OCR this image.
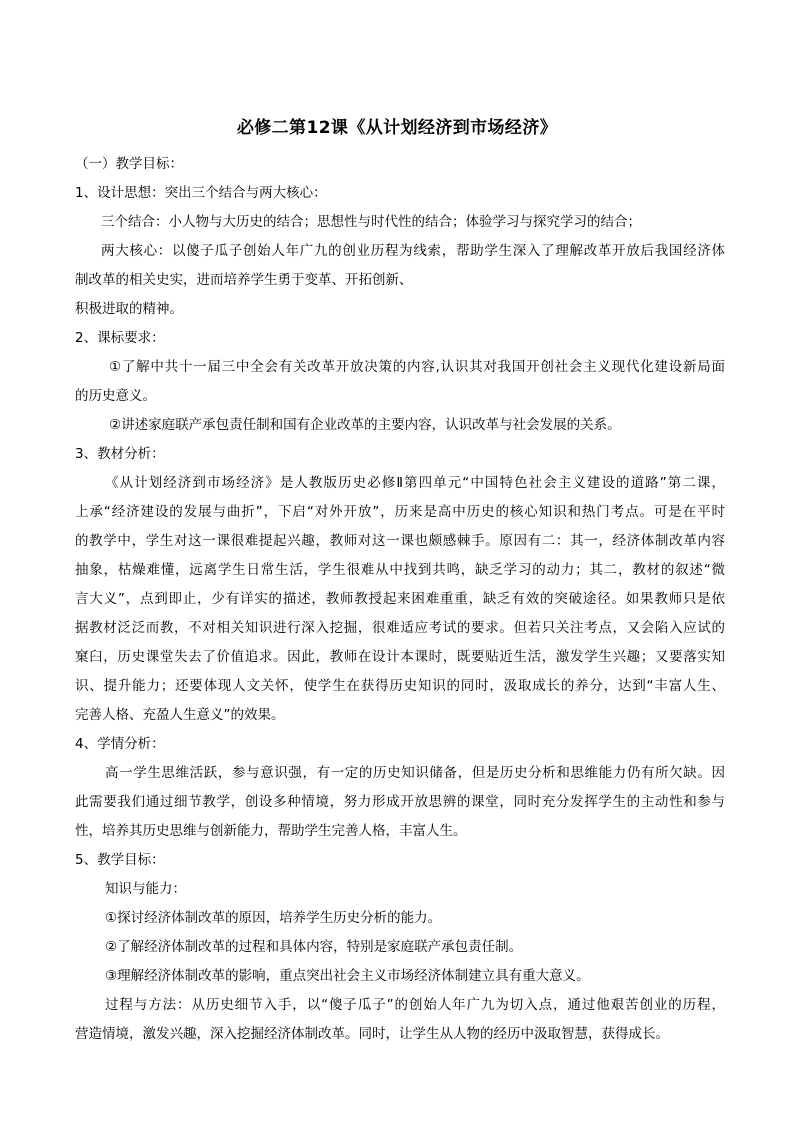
必修二第12课《从计划经济到市场经济》
（一）教学目标：
1、设计思想：突出三个结合与两大核心：
三个结合：小人物与大历史的结合；思想性与时代性的结合；体验学习与探究学习的结合；
两大核心：以傻子瓜子创始人年广九的创业历程为线索，帮助学生深入了理解改革开放后我国经济体
制改革的相关史实，进而培养学生勇于变革、开拓创新、
积极进取的精神。
2、课标要求：
①了解中共十一届三中全会有关改革开放决策的内容,认识其对我国开创社会主义现代化建设新局面
的历史意义。
②讲述家庭联产承包责任制和国有企业改革的主要内容，认识改革与社会发展的关系。
3、教材分析：
《从计划经济到市场经济》是人教版历史必修Ⅱ第四单元“中国特色社会主义建设的道路”第二课，
上承“经济建设的发展与曲折”，下启“对外开放”，历来是高中历史的核心知识和热门考点。可是在平时
的教学中，学生对这一课很难提起兴趣，教师对这一课也颇感棘手。原因有二：其一，经济体制改革内容
抽象，枯燥难懂，远离学生日常生活，学生很难从中找到共鸣，缺乏学习的动力；其二，教材的叙述“微
言大义”，点到即止，少有详实的描述，教师教授起来困难重重，缺乏有效的突破途径。如果教师只是依
据教材泛泛而教，不对相关知识进行深入挖掘，很难适应考试的要求。但若只关注考点，又会陷入应试的
窠臼，历史课堂失去了价值追求。因此，教师在设计本课时，既要贴近生活，激发学生兴趣；又要落实知
识、提升能力；还要体现人文关怀，使学生在获得历史知识的同时，汲取成长的养分，达到“丰富人生、
完善人格、充盈人生意义”的效果。
4、学情分析：
高一学生思维活跃，参与意识强，有一定的历史知识储备，但是历史分析和思维能力仍有所欠缺。因
此需要我们通过细节教学，创设多种情境，努力形成开放思辨的课堂，同时充分发挥学生的主动性和参与
性，培养其历史思维与创新能力，帮助学生完善人格，丰富人生。
5、教学目标：
知识与能力：
①探讨经济体制改革的原因，培养学生历史分析的能力。
②了解经济体制改革的过程和具体内容，特别是家庭联产承包责任制。
③理解经济体制改革的影响，重点突出社会主义市场经济体制建立具有重大意义。
过程与方法：从历史细节入手，以“傻子瓜子”的创始人年广九为切入点，通过他艰苦创业的历程，
营造情境，激发兴趣，深入挖掘经济体制改革。同时，让学生从人物的经历中汲取智慧，获得成长。
